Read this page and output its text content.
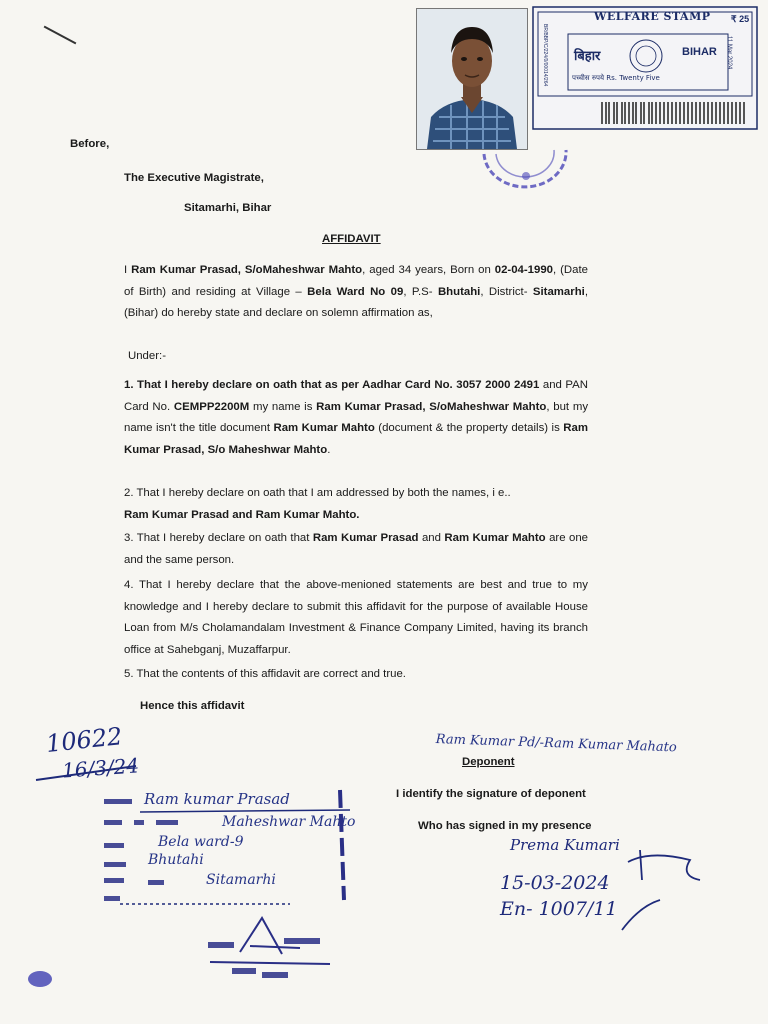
WELFARE STAMP
बिहार	BIHAR
पच्चीस रुपये Rs. Twenty Five
₹ 25
11 Mar 2024
BR/BBP/C/224/0/00014/264
Before,
The Executive Magistrate,
Sitamarhi, Bihar
AFFIDAVIT
I Ram Kumar Prasad, S/oMaheshwar Mahto, aged 34 years, Born on 02-04-1990, (Date of Birth) and residing at Village – Bela Ward No 09, P.S- Bhutahi, District- Sitamarhi, (Bihar) do hereby state and declare on solemn affirmation as,
Under:-
1. That I hereby declare on oath that as per Aadhar Card No. 3057 2000 2491 and PAN Card No. CEMPP2200M my name is Ram Kumar Prasad, S/oMaheshwar Mahto, but my name isn't the title document Ram Kumar Mahto (document & the property details) is Ram Kumar Prasad, S/o Maheshwar Mahto.
2. That I hereby declare on oath that I am addressed by both the names, i e..
Ram Kumar Prasad and Ram Kumar Mahto.
3. That I hereby declare on oath that Ram Kumar Prasad and Ram Kumar Mahto are one and the same person.
4. That I hereby declare that the above-menioned statements are best and true to my knowledge and I hereby declare to submit this affidavit for the purpose of available House Loan from M/s Cholamandalam Investment & Finance Company Limited, having its branch office at Sahebganj, Muzaffarpur.
5. That the contents of this affidavit are correct and true.
Hence this affidavit
Ram Kumar Pd/-Ram Kumar Mahato
Deponent
I identify the signature of deponent
Who has signed in my presence
10622
16/3/24
Ram kumar Prasad
Maheshwar Mahto
Bela ward-9
Bhutahi
Sitamarhi
Prema Kumari
15-03-2024
En- 1007/11
